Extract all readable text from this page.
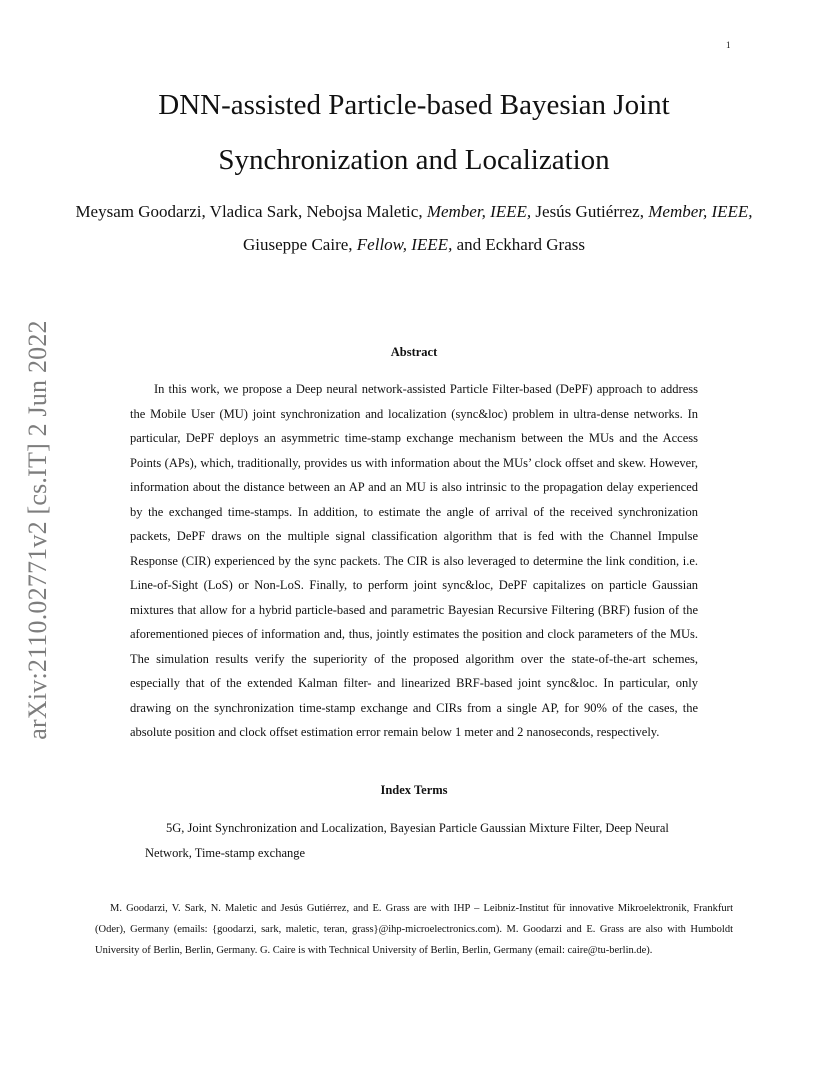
1
arXiv:2110.02771v2 [cs.IT] 2 Jun 2022
DNN-assisted Particle-based Bayesian Joint
Synchronization and Localization
Meysam Goodarzi, Vladica Sark, Nebojsa Maletic, Member, IEEE, Jesús Gutiérrez, Member, IEEE, Giuseppe Caire, Fellow, IEEE, and Eckhard Grass
Abstract

In this work, we propose a Deep neural network-assisted Particle Filter-based (DePF) approach to address the Mobile User (MU) joint synchronization and localization (sync&loc) problem in ultra-dense networks. In particular, DePF deploys an asymmetric time-stamp exchange mechanism between the MUs and the Access Points (APs), which, traditionally, provides us with information about the MUs’ clock offset and skew. However, information about the distance between an AP and an MU is also intrinsic to the propagation delay experienced by the exchanged time-stamps. In addition, to estimate the angle of arrival of the received synchronization packets, DePF draws on the multiple signal classification algorithm that is fed with the Channel Impulse Response (CIR) experienced by the sync packets. The CIR is also leveraged to determine the link condition, i.e. Line-of-Sight (LoS) or Non-LoS. Finally, to perform joint sync&loc, DePF capitalizes on particle Gaussian mixtures that allow for a hybrid particle-based and parametric Bayesian Recursive Filtering (BRF) fusion of the aforementioned pieces of information and, thus, jointly estimates the position and clock parameters of the MUs. The simulation results verify the superiority of the proposed algorithm over the state-of-the-art schemes, especially that of the extended Kalman filter- and linearized BRF-based joint sync&loc. In particular, only drawing on the synchronization time-stamp exchange and CIRs from a single AP, for 90% of the cases, the absolute position and clock offset estimation error remain below 1 meter and 2 nanoseconds, respectively.

Index Terms

5G, Joint Synchronization and Localization, Bayesian Particle Gaussian Mixture Filter, Deep Neural Network, Time-stamp exchange

M. Goodarzi, V. Sark, N. Maletic and Jesús Gutiérrez, and E. Grass are with IHP – Leibniz-Institut für innovative Mikroelektronik, Frankfurt (Oder), Germany (emails: {goodarzi, sark, maletic, teran, grass}@ihp-microelectronics.com). M. Goodarzi and E. Grass are also with Humboldt University of Berlin, Berlin, Germany. G. Caire is with Technical University of Berlin, Berlin, Germany (email: caire@tu-berlin.de).
